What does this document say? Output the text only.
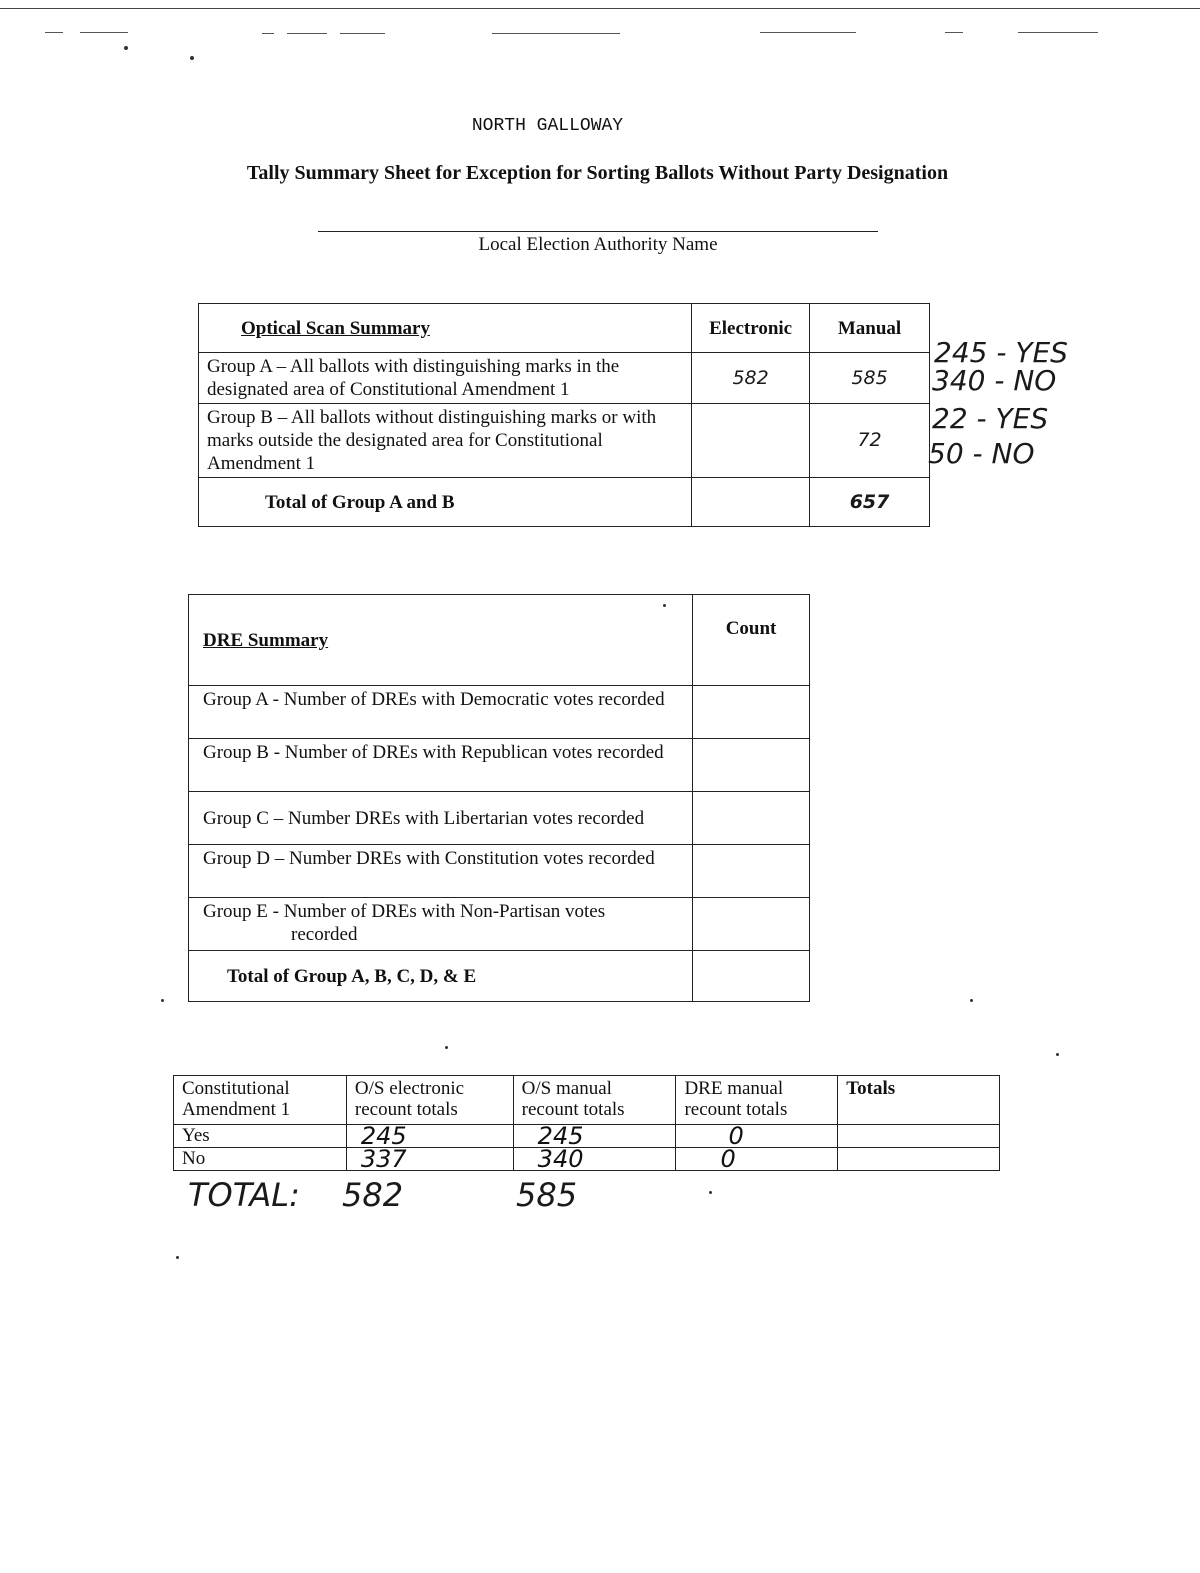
NORTH GALLOWAY
Tally Summary Sheet for Exception for Sorting Ballots Without Party Designation
Local Election Authority Name
Optical Scan Summary	Electronic	Manual
Group A – All ballots with distinguishing marks in the designated area of Constitutional Amendment 1	582	585
Group B – All ballots without distinguishing marks or with marks outside the designated area for Constitutional Amendment 1		72
Total of Group A and B		657
245 - YES
340 - NO
22 - YES
50 - NO
DRE Summary	Count
Group A - Number of DREs with Democratic votes recorded	
Group B - Number of DREs with Republican votes recorded	
Group C – Number DREs with Libertarian votes recorded	
Group D – Number DREs with Constitution votes recorded	
Group E - Number of DREs with Non-Partisan votes
recorded	
Total of Group A, B, C, D, & E	
Constitutional Amendment 1	O/S electronic recount totals	O/S manual recount totals	DRE manual recount totals	Totals
Yes	245	245	0	
No	337	340	0	
TOTAL: 582	585
